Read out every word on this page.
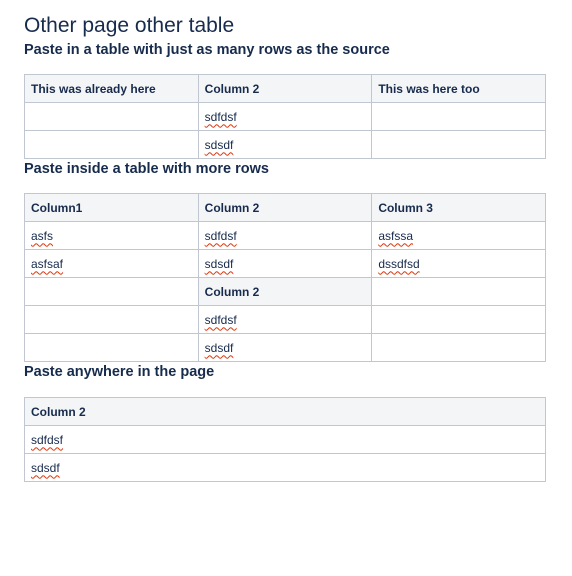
Other page other table
Paste in a table with just as many rows as the source
This was already here	Column 2	This was here too
	sdfdsf	
	sdsdf	
Paste inside a table with more rows
Column1	Column 2	Column 3
asfs	sdfdsf	asfssa
asfsaf	sdsdf	dssdfsd
	Column 2	
	sdfdsf	
	sdsdf	
Paste anywhere in the page
Column 2
sdfdsf
sdsdf
